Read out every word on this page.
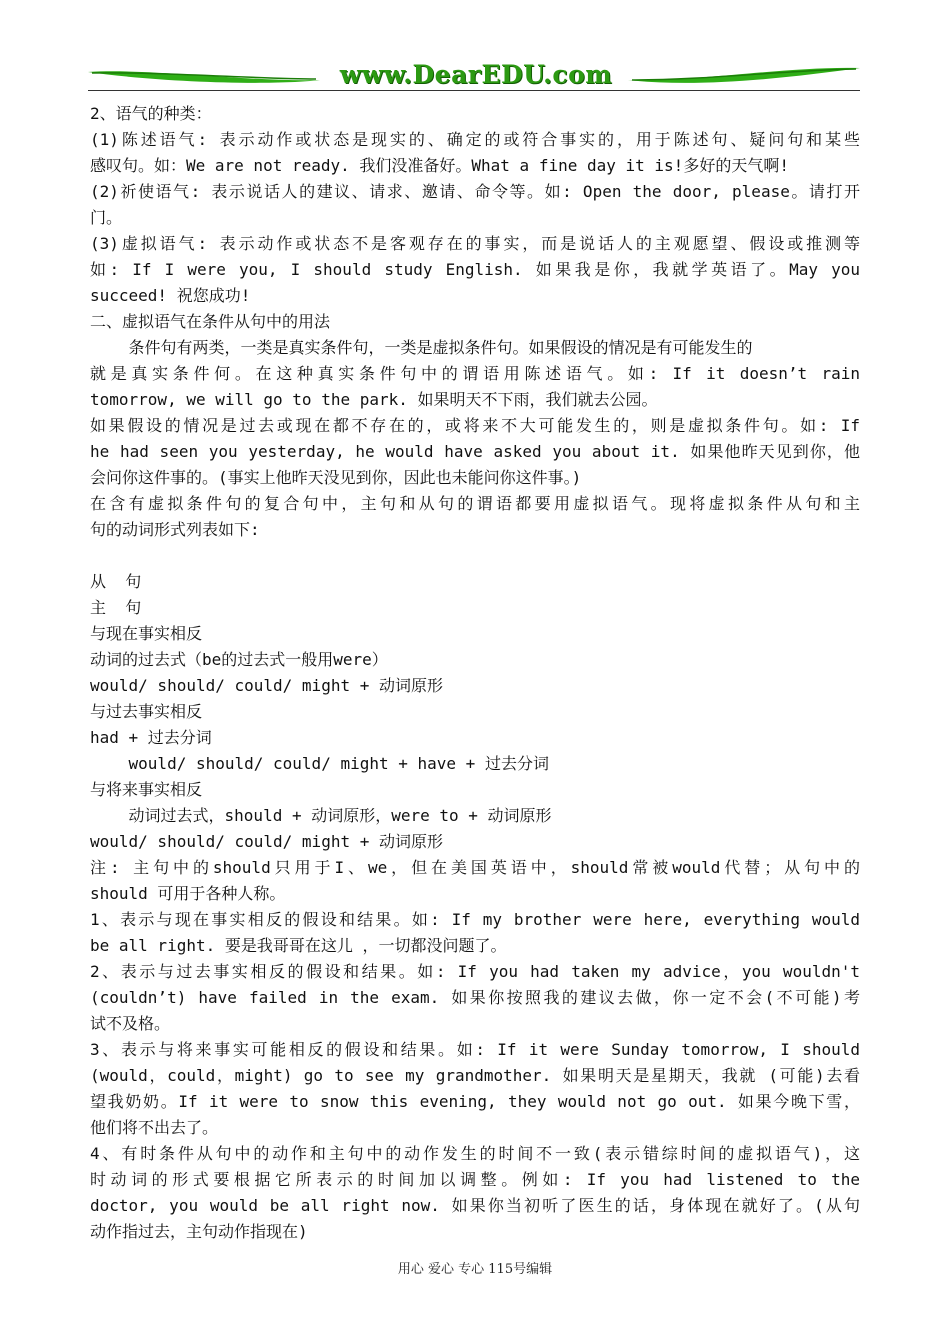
www.DearEDU.com
2、语气的种类：
(1)陈述语气: 表示动作或状态是现实的、确定的或符合事实的，用于陈述句、疑问句和某些
感叹句。如：We are not ready. 我们没准备好。What a fine day it is!多好的天气啊!
(2)祈使语气: 表示说话人的建议、请求、邀请、命令等。如: Open the door, please。请打开
门。
(3)虚拟语气: 表示动作或状态不是客观存在的事实，而是说话人的主观愿望、假设或推测等
如: If I were you, I should study English. 如果我是你，我就学英语了。May you
succeed! 祝您成功!
二、虚拟语气在条件从句中的用法
条件句有两类，一类是真实条件句，一类是虚拟条件句。如果假设的情况是有可能发生的
就是真实条件何。在这种真实条件句中的谓语用陈述语气。如: If it doesn’t rain
tomorrow, we will go to the park. 如果明天不下雨，我们就去公园。
如果假设的情况是过去或现在都不存在的，或将来不大可能发生的，则是虚拟条件句。如: If
he had seen you yesterday, he would have asked you about it. 如果他昨天见到你，他
会问你这件事的。(事实上他昨天没见到你，因此也未能问你这件事。)
在含有虚拟条件句的复合句中，主句和从句的谓语都要用虚拟语气。现将虚拟条件从句和主
句的动词形式列表如下:
从  句
主  句
与现在事实相反
动词的过去式（be的过去式一般用were）
would/ should/ could/ might + 动词原形
与过去事实相反
had + 过去分词
would/ should/ could/ might + have + 过去分词
与将来事实相反
动词过去式，should + 动词原形，were to + 动词原形
would/ should/ could/ might + 动词原形
注: 主句中的should只用于I、we，但在美国英语中，should常被would代替；从句中的
should 可用于各种人称。
1、表示与现在事实相反的假设和结果。如: If my brother were here, everything would
be all right. 要是我哥哥在这儿 ，一切都没问题了。
2、表示与过去事实相反的假设和结果。如: If you had taken my advice，you wouldn't
(couldn’t) have failed in the exam. 如果你按照我的建议去做，你一定不会(不可能)考
试不及格。
3、表示与将来事实可能相反的假设和结果。如: If it were Sunday tomorrow, I should
(would，could，might) go to see my grandmother. 如果明天是星期天，我就 (可能)去看
望我奶奶。If it were to snow this evening, they would not go out. 如果今晚下雪，
他们将不出去了。
4、有时条件从句中的动作和主句中的动作发生的时间不一致(表示错综时间的虚拟语气)，这
时动词的形式要根据它所表示的时间加以调整。例如: If you had listened to the
doctor, you would be all right now. 如果你当初听了医生的话，身体现在就好了。(从句
动作指过去，主句动作指现在)
用心 爱心 专心 115号编辑
